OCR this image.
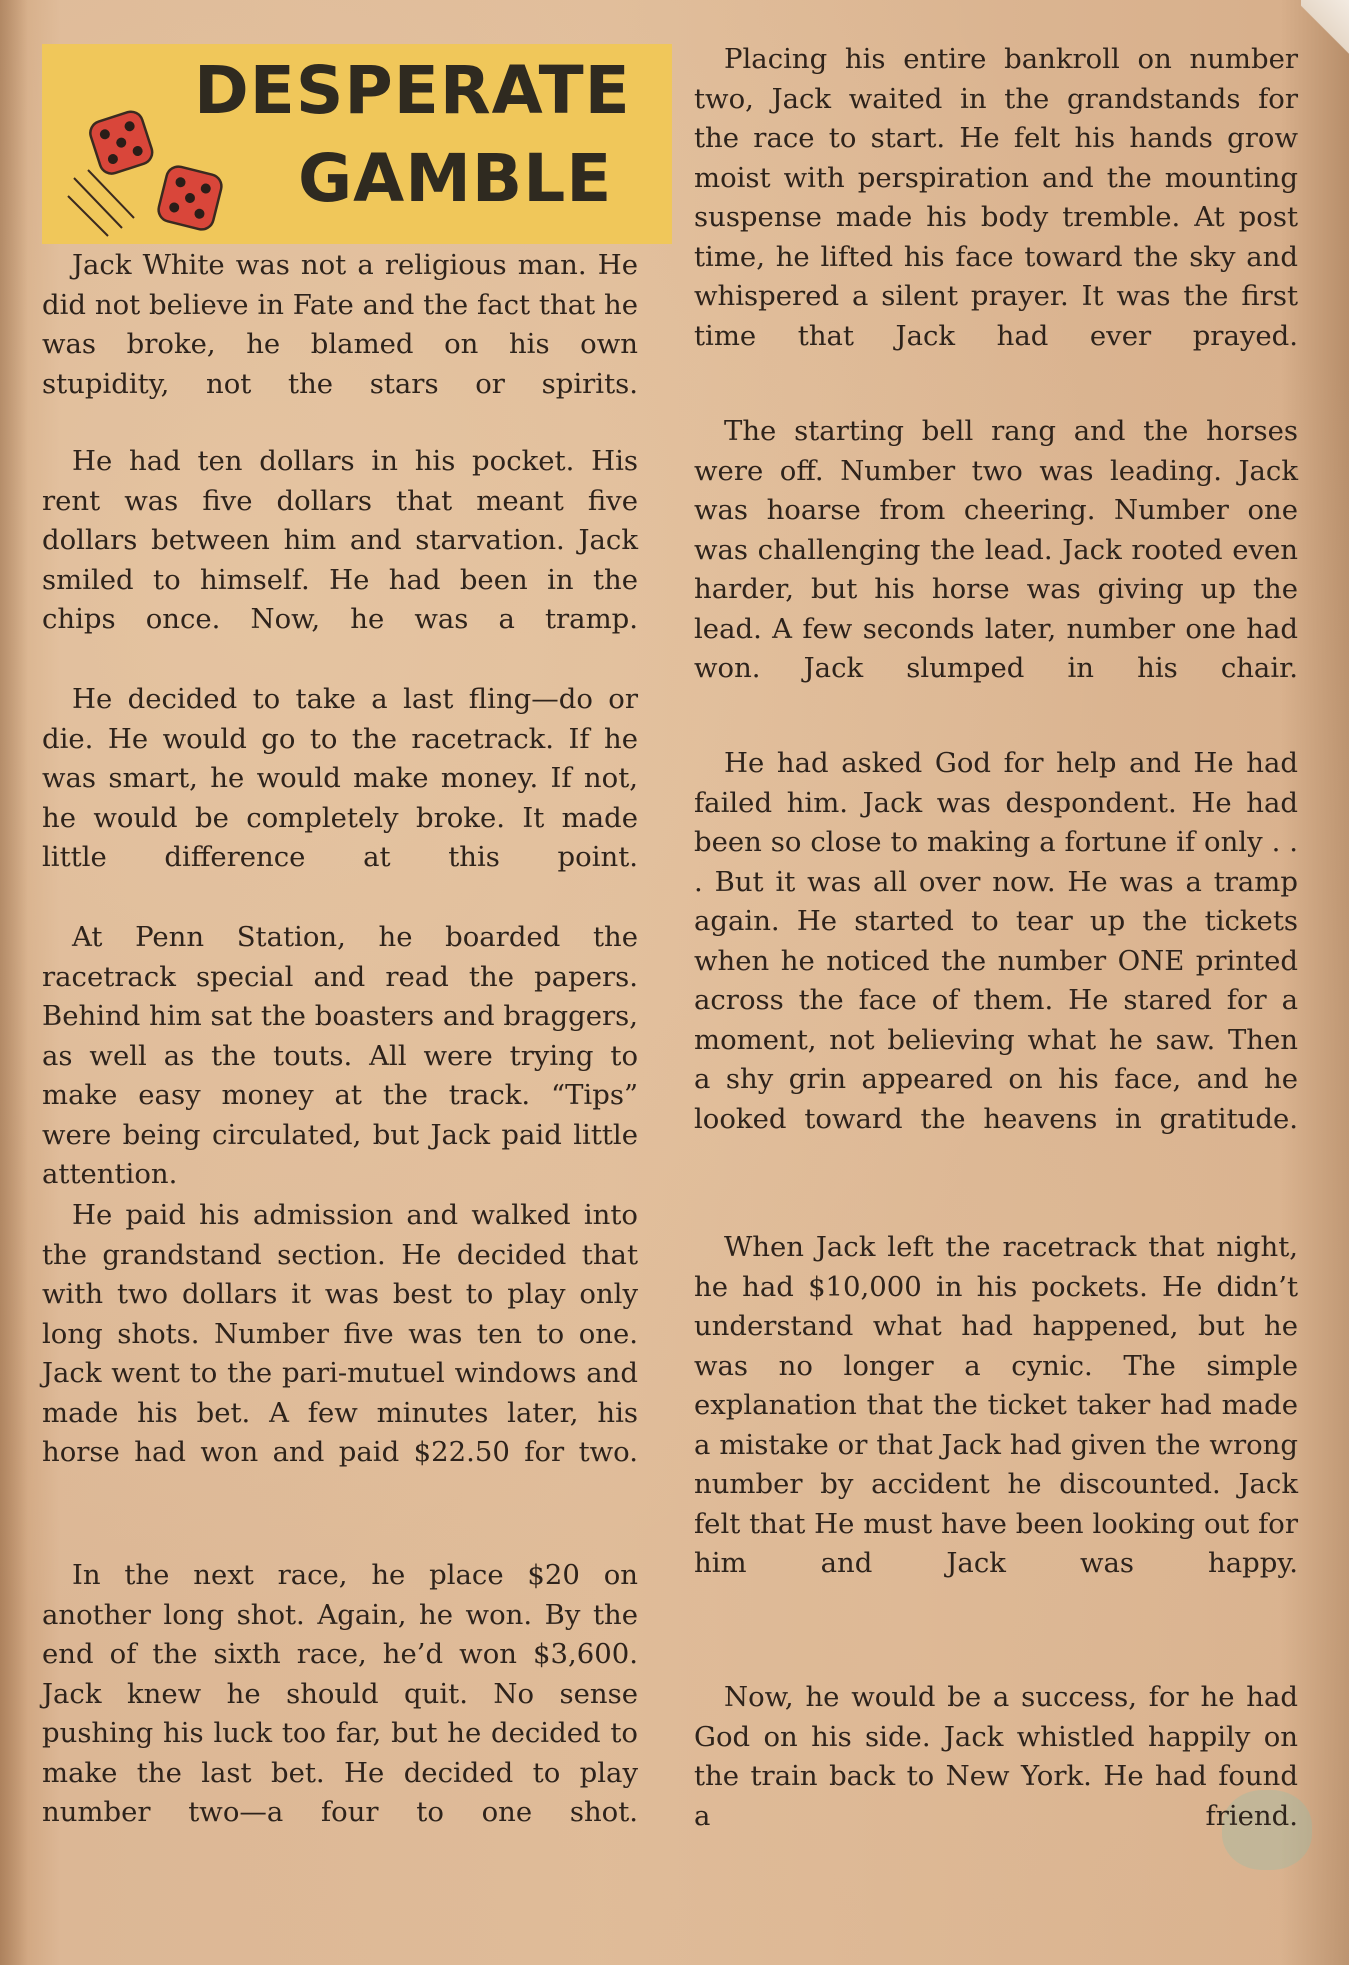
DESPERATE
GAMBLE

Jack White was not a religious man. He did not believe in Fate and the fact that he was broke, he blamed on his own stupidity, not the stars or spirits.

He had ten dollars in his pocket. His rent was five dollars that meant five dollars between him and starvation. Jack smiled to himself. He had been in the chips once. Now, he was a tramp.

He decided to take a last fling—do or die. He would go to the racetrack. If he was smart, he would make money. If not, he would be completely broke. It made little difference at this point.

At Penn Station, he boarded the racetrack special and read the papers. Behind him sat the boasters and braggers, as well as the touts. All were trying to make easy money at the track. “Tips” were being circulated, but Jack paid little attention.

He paid his admission and walked into the grandstand section. He decided that with two dollars it was best to play only long shots. Number five was ten to one. Jack went to the pari-mutuel windows and made his bet. A few minutes later, his horse had won and paid $22.50 for two.

In the next race, he place $20 on another long shot. Again, he won. By the end of the sixth race, he’d won $3,600. Jack knew he should quit. No sense pushing his luck too far, but he decided to make the last bet. He decided to play number two—a four to one shot.

Placing his entire bankroll on number two, Jack waited in the grandstands for the race to start. He felt his hands grow moist with perspiration and the mounting suspense made his body tremble. At post time, he lifted his face toward the sky and whispered a silent prayer. It was the first time that Jack had ever prayed.

The starting bell rang and the horses were off. Number two was leading. Jack was hoarse from cheering. Number one was challenging the lead. Jack rooted even harder, but his horse was giving up the lead. A few seconds later, number one had won. Jack slumped in his chair.

He had asked God for help and He had failed him. Jack was despondent. He had been so close to making a fortune if only . . . But it was all over now. He was a tramp again. He started to tear up the tickets when he noticed the number ONE printed across the face of them. He stared for a moment, not believing what he saw. Then a shy grin appeared on his face, and he looked toward the heavens in gratitude.

When Jack left the racetrack that night, he had $10,000 in his pockets. He didn’t understand what had happened, but he was no longer a cynic. The simple explanation that the ticket taker had made a mistake or that Jack had given the wrong number by accident he discounted. Jack felt that He must have been looking out for him and Jack was happy.

Now, he would be a success, for he had God on his side. Jack whistled happily on the train back to New York. He had found a friend.
